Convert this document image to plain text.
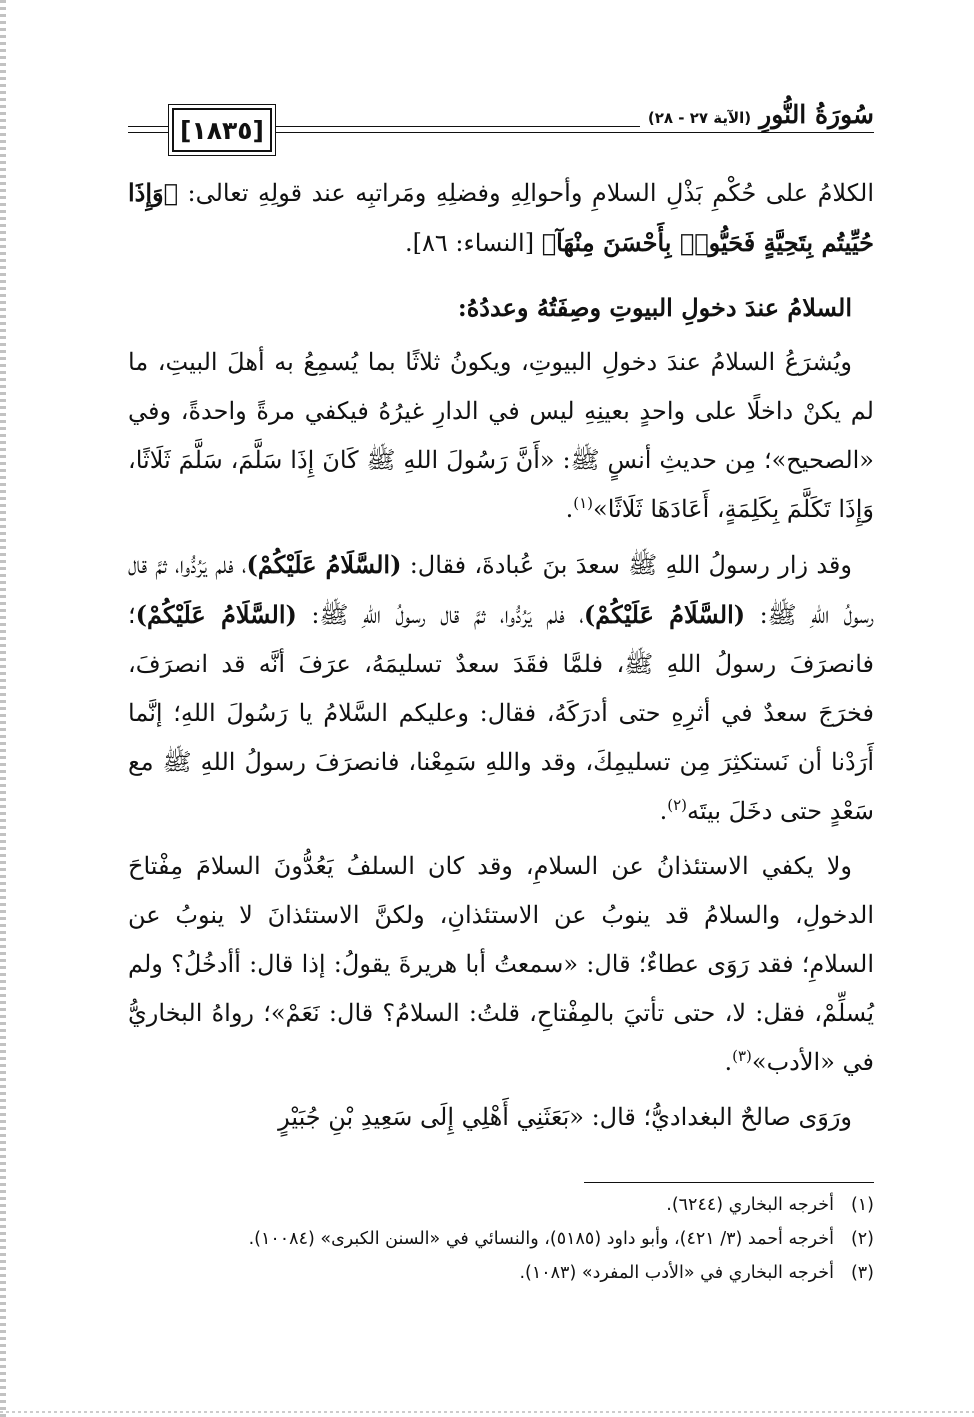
[١٨٣٥]
سُورَةُ النُّورِ
(الآية ٢٧ - ٢٨)

الكلامُ على حُكْمِ بَذْلِ السلامِ وأحوالِهِ وفضلِهِ ومَراتبِه عند قولِهِ تعالى: ﴿وَإِذَا حُيِّيتُم بِتَحِيَّةٍ فَحَيُّوا۟ بِأَحْسَنَ مِنْهَآ﴾ [النساء: ٨٦].

السلامُ عندَ دخولِ البيوتِ وصِفَتُهُ وعددُهُ:

ويُشرَعُ السلامُ عندَ دخولِ البيوتِ، ويكونُ ثلاثًا بما يُسمِعُ به أهلَ البيتِ، ما لم يكنْ داخلًا على واحدٍ بعينِهِ ليس في الدارِ غيرُهُ فيكفي مرةً واحدةً، وفي «الصحيح»؛ مِن حديثِ أنسٍ ﷺ: «أَنَّ رَسُولَ اللهِ ﷺ كَانَ إِذَا سَلَّمَ، سَلَّمَ ثَلَاثًا، وَإِذَا تَكَلَّمَ بِكَلِمَةٍ، أَعَادَهَا ثَلَاثًا»$^{(١)}$.

وقد زار رسولُ اللهِ ﷺ سعدَ بنَ عُبادةَ، فقال: (السَّلَامُ عَلَيْكُمْ)، فلم يَرُدُّوا، ثمَّ قال رسولُ اللهِ ﷺ: (السَّلَامُ عَلَيْكُمْ)، فلم يَرُدُّوا، ثمَّ قال رسولُ اللهِ ﷺ: (السَّلَامُ عَلَيْكُمْ)؛ فانصرَفَ رسولُ اللهِ ﷺ، فلمَّا فقَدَ سعدٌ تسليمَهُ، عرَفَ أنَّه قد انصرَفَ، فخرَجَ سعدٌ في أثرِهِ حتى أدرَكَهُ، فقال: وعليكم السَّلامُ يا رَسُولَ اللهِ؛ إنَّما أَرَدْنا أن نَستكثِرَ مِن تسليمِكَ، وقد واللهِ سَمِعْنا، فانصرَفَ رسولُ اللهِ ﷺ مع سَعْدٍ حتى دخَلَ بيتَه$^{(٢)}$.

ولا يكفي الاستئذانُ عن السلامِ، وقد كان السلفُ يَعُدُّونَ السلامَ مِفْتاحَ الدخولِ، والسلامُ قد ينوبُ عن الاستئذانِ، ولكنَّ الاستئذانَ لا ينوبُ عن السلامِ؛ فقد رَوَى عطاءٌ؛ قال: «سمعتُ أبا هريرةَ يقولُ: إذا قال: أأدخُلُ؟ ولم يُسلِّمْ، فقل: لا، حتى تأتيَ بالمِفْتاحِ، قلتُ: السلامُ؟ قال: نَعَمْ»؛ رواهُ البخاريُّ في «الأدب»$^{(٣)}$.

ورَوَى صالحٌ البغداديُّ؛ قال: «بَعَثَنِي أَهْلِي إِلَى سَعِيدِ بْنِ جُبَيْرٍ

(١)
أخرجه البخاري (٦٢٤٤).
(٢)
أخرجه أحمد (٣/ ٤٢١)، وأبو داود (٥١٨٥)، والنسائي في «السنن الكبرى» (١٠٠٨٤).
(٣)
أخرجه البخاري في «الأدب المفرد» (١٠٨٣).
